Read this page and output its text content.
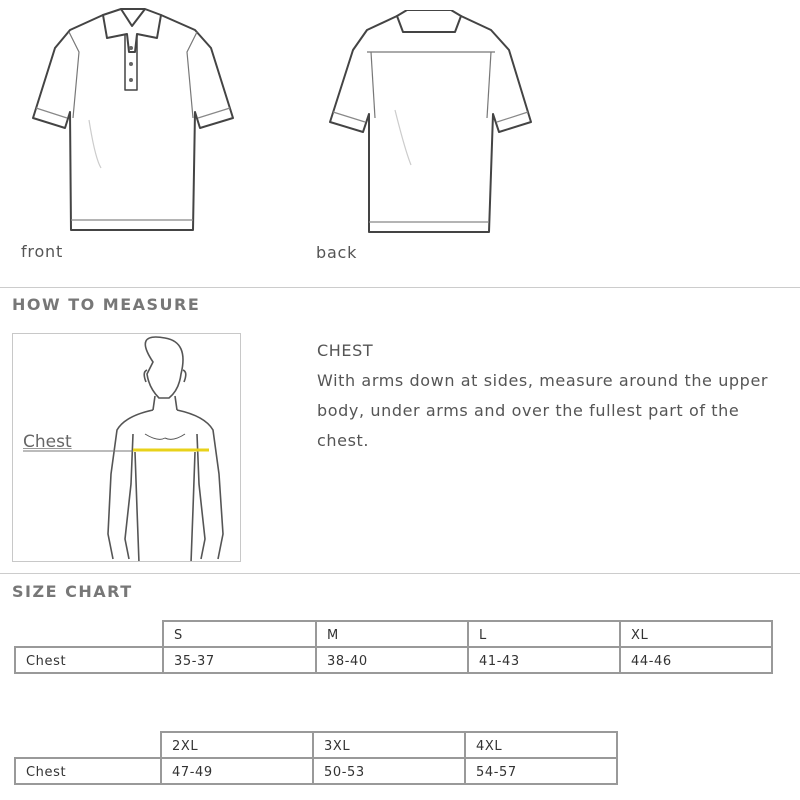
front	back
HOW TO MEASURE
Chest
CHEST
With arms down at sides, measure around the upper body, under arms and over the fullest part of the chest.
SIZE CHART
	S	M	L	XL
Chest	35-37	38-40	41-43	44-46
	2XL	3XL	4XL
Chest	47-49	50-53	54-57
